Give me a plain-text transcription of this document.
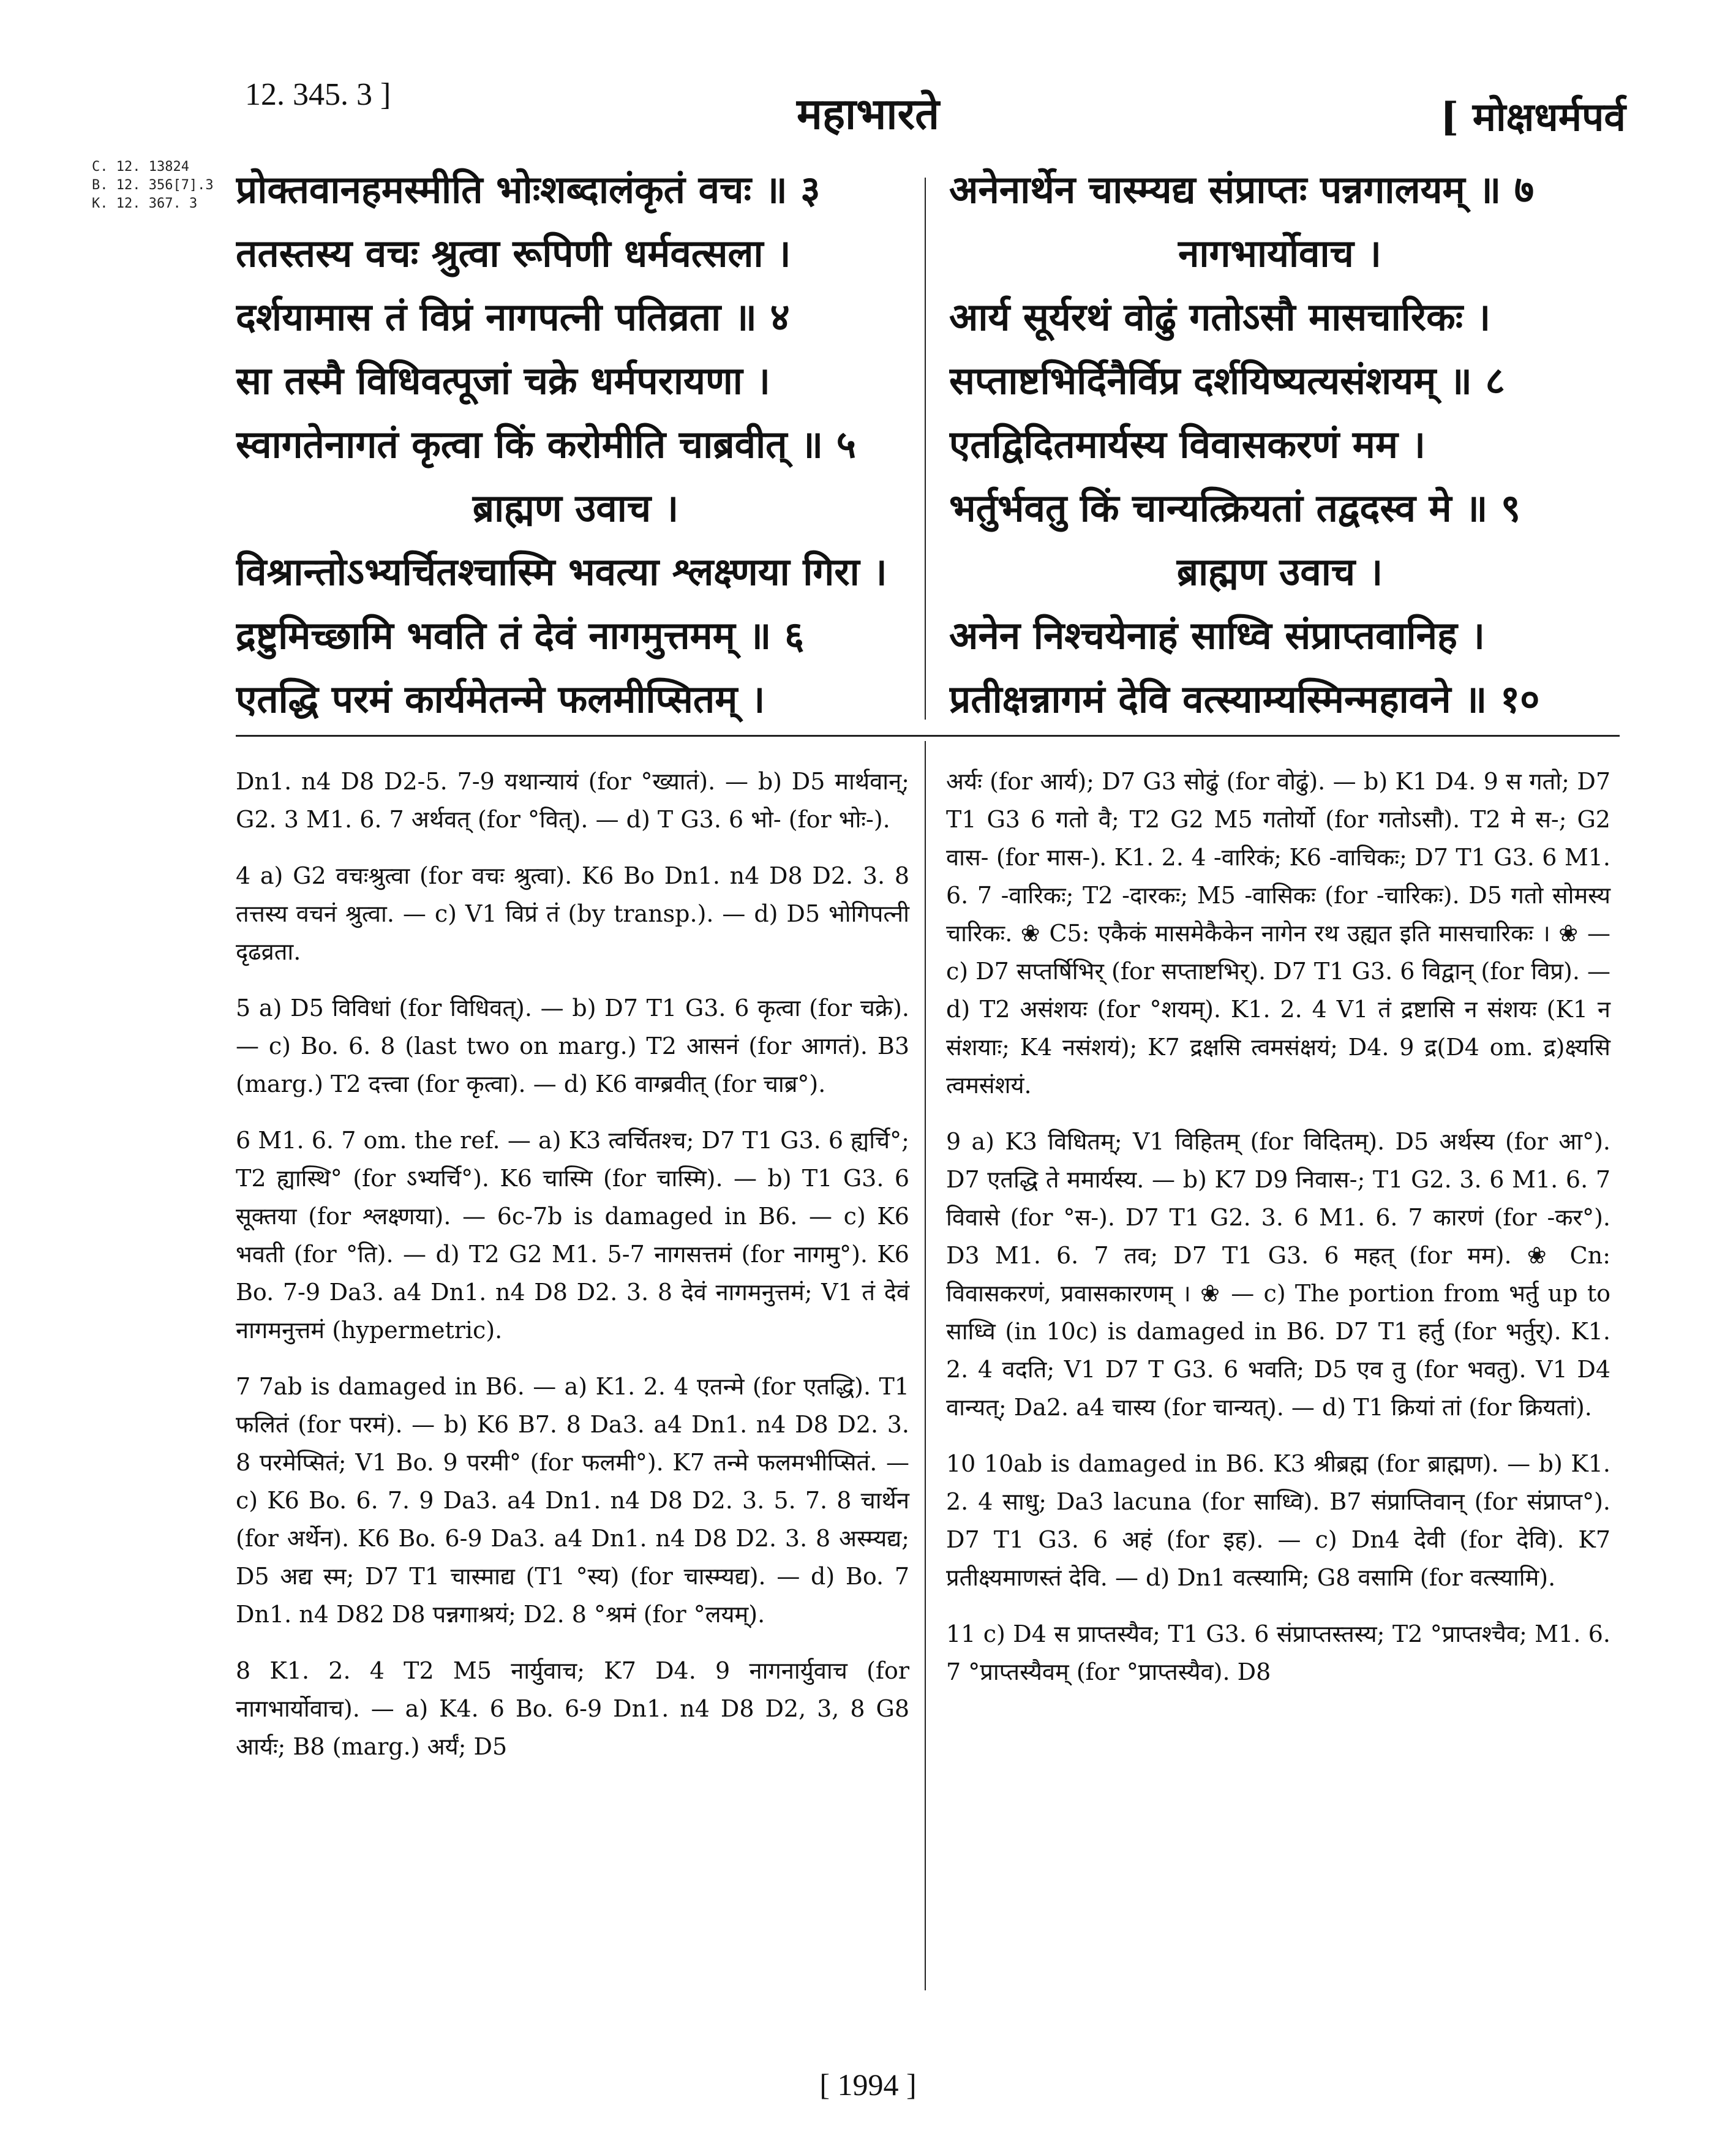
12. 345. 3 ]	महाभारते	[ मोक्षधर्मपर्व
C. 12. 13824
B. 12. 356[7].3
K. 12. 367. 3	प्रोक्तवानहमस्मीति भोःशब्दालंकृतं वचः ॥ ३
ततस्तस्य वचः श्रुत्वा रूपिणी धर्मवत्सला ।
दर्शयामास तं विप्रं नागपत्नी पतिव्रता ॥ ४
सा तस्मै विधिवत्पूजां चक्रे धर्मपरायणा ।
स्वागतेनागतं कृत्वा किं करोमीति चाब्रवीत् ॥ ५
ब्राह्मण उवाच ।
विश्रान्तोऽभ्यर्चितश्चास्मि भवत्या श्लक्ष्णया गिरा ।
द्रष्टुमिच्छामि भवति तं देवं नागमुत्तमम् ॥ ६
एतद्धि परमं कार्यमेतन्मे फलमीप्सितम् ।
अनेनार्थेन चास्म्यद्य संप्राप्तः पन्नगालयम् ॥ ७
नागभार्योवाच ।
आर्य सूर्यरथं वोढुं गतोऽसौ मासचारिकः ।
सप्ताष्टभिर्दिनैर्विप्र दर्शयिष्यत्यसंशयम् ॥ ८
एतद्विदितमार्यस्य विवासकरणं मम ।
भर्तुर्भवतु किं चान्यत्क्रियतां तद्वदस्व मे ॥ ९
ब्राह्मण उवाच ।
अनेन निश्चयेनाहं साध्वि संप्राप्तवानिह ।
प्रतीक्षन्नागमं देवि वत्स्याम्यस्मिन्महावने ॥ १०

Dn1. n4 D8 D2-5. 7-9 यथान्यायं (for °ख्यातं). — b) D5 मार्थवान्; G2. 3 M1. 6. 7 अर्थवत् (for °वित्). — d) T G3. 6 भो- (for भोः-).

4 a) G2 वचःश्रुत्वा (for वचः श्रुत्वा). K6 Bo Dn1. n4 D8 D2. 3. 8 तत्तस्य वचनं श्रुत्वा. — c) V1 विप्रं तं (by transp.). — d) D5 भोगिपत्नी दृढव्रता.

5 a) D5 विविधां (for विधिवत्). — b) D7 T1 G3. 6 कृत्वा (for चक्रे). — c) Bo. 6. 8 (last two on marg.) T2 आसनं (for आगतं). B3 (marg.) T2 दत्त्वा (for कृत्वा). — d) K6 वाग्ब्रवीत् (for चाब्र°).

6 M1. 6. 7 om. the ref. — a) K3 त्वर्चितश्च; D7 T1 G3. 6 ह्यर्चि°; T2 ह्यास्थि° (for ऽभ्यर्चि°). K6 चास्मि (for चास्मि). — b) T1 G3. 6 सूक्तया (for श्लक्ष्णया). — 6c-7b is damaged in B6. — c) K6 भवती (for °ति). — d) T2 G2 M1. 5-7 नागसत्तमं (for नागमु°). K6 Bo. 7-9 Da3. a4 Dn1. n4 D8 D2. 3. 8 देवं नागमनुत्तमं; V1 तं देवं नागमनुत्तमं (hypermetric).

7 7ab is damaged in B6. — a) K1. 2. 4 एतन्मे (for एतद्धि). T1 फलितं (for परमं). — b) K6 B7. 8 Da3. a4 Dn1. n4 D8 D2. 3. 8 परमेप्सितं; V1 Bo. 9 परमी° (for फलमी°). K7 तन्मे फलमभीप्सितं. — c) K6 Bo. 6. 7. 9 Da3. a4 Dn1. n4 D8 D2. 3. 5. 7. 8 चार्थेन (for अर्थेन). K6 Bo. 6-9 Da3. a4 Dn1. n4 D8 D2. 3. 8 अस्म्यद्य; D5 अद्य स्म; D7 T1 चास्माद्य (T1 °स्य) (for चास्म्यद्य). — d) Bo. 7 Dn1. n4 D82 D8 पन्नगाश्रयं; D2. 8 °श्रमं (for °लयम्).

8 K1. 2. 4 T2 M5 नार्युवाच; K7 D4. 9 नागनार्युवाच (for नागभार्योवाच). — a) K4. 6 Bo. 6-9 Dn1. n4 D8 D2, 3, 8 G8 आर्यः; B8 (marg.) अर्यं; D5

अर्यः (for आर्य); D7 G3 सोढुं (for वोढुं). — b) K1 D4. 9 स गतो; D7 T1 G3 6 गतो वै; T2 G2 M5 गतोर्यो (for गतोऽसौ). T2 मे स-; G2 वास- (for मास-). K1. 2. 4 -वारिकं; K6 -वाचिकः; D7 T1 G3. 6 M1. 6. 7 -वारिकः; T2 -दारकः; M5 -वासिकः (for -चारिकः). D5 गतो सोमस्य चारिकः. ❀ C5: एकैकं मासमेकैकेन नागेन रथ उह्यत इति मासचारिकः । ❀ — c) D7 सप्तर्षिभिर् (for सप्ताष्टभिर्). D7 T1 G3. 6 विद्वान् (for विप्र). — d) T2 असंशयः (for °शयम्). K1. 2. 4 V1 तं द्रष्टासि न संशयः (K1 न संशयाः; K4 नसंशयं); K7 द्रक्षसि त्वमसंक्षयं; D4. 9 द्र(D4 om. द्र)क्ष्यसि त्वमसंशयं.

9 a) K3 विधितम्; V1 विहितम् (for विदितम्). D5 अर्थस्य (for आ°). D7 एतद्धि ते ममार्यस्य. — b) K7 D9 निवास-; T1 G2. 3. 6 M1. 6. 7 विवासे (for °स-). D7 T1 G2. 3. 6 M1. 6. 7 कारणं (for -कर°). D3 M1. 6. 7 तव; D7 T1 G3. 6 महत् (for मम). ❀ Cn: विवासकरणं, प्रवासकारणम् । ❀ — c) The portion from भर्तु up to साध्वि (in 10c) is damaged in B6. D7 T1 हर्तु (for भर्तुर्). K1. 2. 4 वदति; V1 D7 T G3. 6 भवति; D5 एव तु (for भवतु). V1 D4 वान्यत्; Da2. a4 चास्य (for चान्यत्). — d) T1 क्रियां तां (for क्रियतां).

10 10ab is damaged in B6. K3 श्रीब्रह्म (for ब्राह्मण). — b) K1. 2. 4 साधु; Da3 lacuna (for साध्वि). B7 संप्राप्तिवान् (for संप्राप्त°). D7 T1 G3. 6 अहं (for इह). — c) Dn4 देवी (for देवि). K7 प्रतीक्ष्यमाणस्तं देवि. — d) Dn1 वत्स्यामि; G8 वसामि (for वत्स्यामि).

11 c) D4 स प्राप्तस्यैव; T1 G3. 6 संप्राप्तस्तस्य; T2 °प्राप्तश्चैव; M1. 6. 7 °प्राप्तस्यैवम् (for °प्राप्तस्यैव). D8

[ 1994 ]
